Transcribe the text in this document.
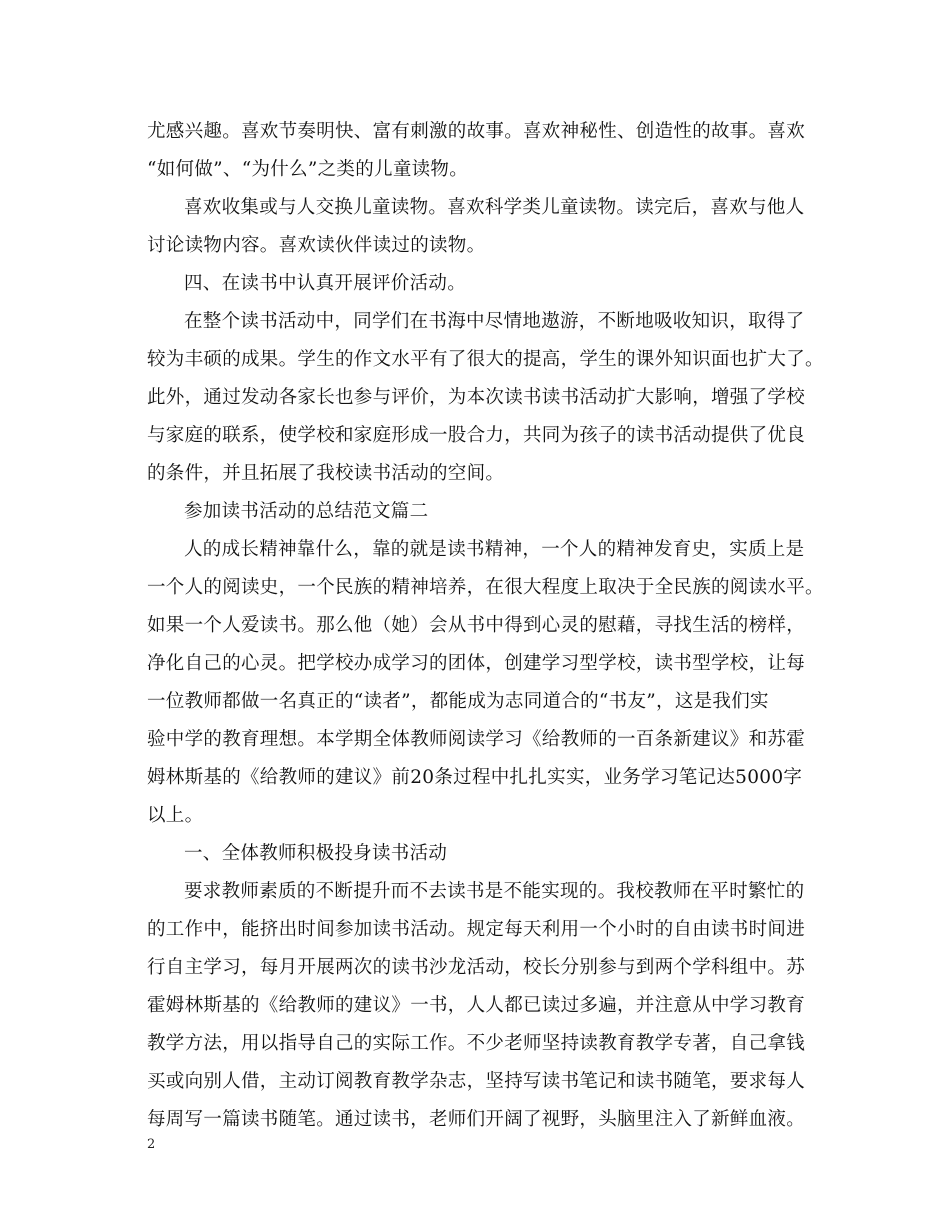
尤感兴趣。喜欢节奏明快、富有刺激的故事。喜欢神秘性、创造性的故事。喜欢
“如何做”、“为什么”之类的儿童读物。
喜欢收集或与人交换儿童读物。喜欢科学类儿童读物。读完后，喜欢与他人
讨论读物内容。喜欢读伙伴读过的读物。
四、在读书中认真开展评价活动。
在整个读书活动中，同学们在书海中尽情地遨游，不断地吸收知识，取得了
较为丰硕的成果。学生的作文水平有了很大的提高，学生的课外知识面也扩大了。
此外，通过发动各家长也参与评价，为本次读书读书活动扩大影响，增强了学校
与家庭的联系，使学校和家庭形成一股合力，共同为孩子的读书活动提供了优良
的条件，并且拓展了我校读书活动的空间。
参加读书活动的总结范文篇二
人的成长精神靠什么，靠的就是读书精神，一个人的精神发育史，实质上是
一个人的阅读史，一个民族的精神培养，在很大程度上取决于全民族的阅读水平。
如果一个人爱读书。那么他（她）会从书中得到心灵的慰藉，寻找生活的榜样，
净化自己的心灵。把学校办成学习的团体，创建学习型学校，读书型学校，让每
一位教师都做一名真正的“读者”，都能成为志同道合的“书友”，这是我们实
验中学的教育理想。本学期全体教师阅读学习《给教师的一百条新建议》和苏霍
姆林斯基的《给教师的建议》前20条过程中扎扎实实，业务学习笔记达5000字
以上。
一、全体教师积极投身读书活动
要求教师素质的不断提升而不去读书是不能实现的。我校教师在平时繁忙的
的工作中，能挤出时间参加读书活动。规定每天利用一个小时的自由读书时间进
行自主学习，每月开展两次的读书沙龙活动，校长分别参与到两个学科组中。苏
霍姆林斯基的《给教师的建议》一书，人人都已读过多遍，并注意从中学习教育
教学方法，用以指导自己的实际工作。不少老师坚持读教育教学专著，自己拿钱
买或向别人借，主动订阅教育教学杂志，坚持写读书笔记和读书随笔，要求每人
每周写一篇读书随笔。通过读书，老师们开阔了视野，头脑里注入了新鲜血液。
2
